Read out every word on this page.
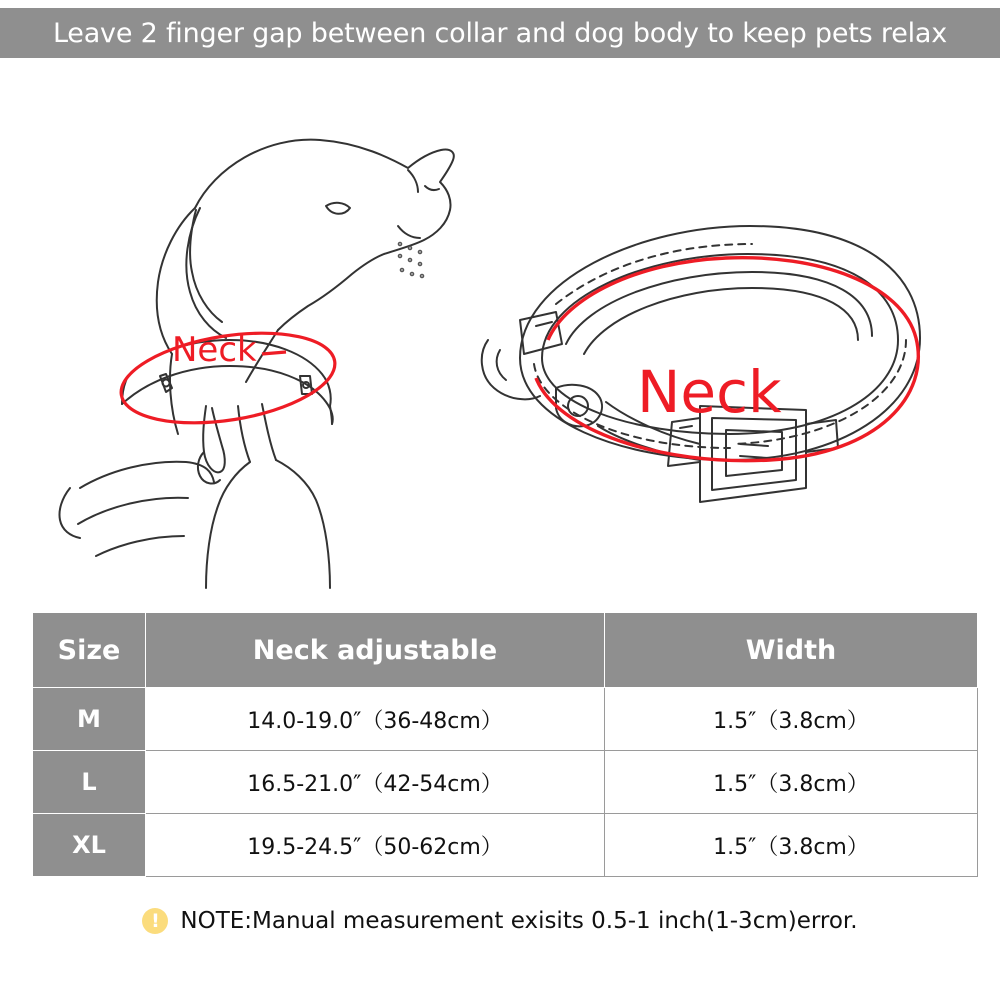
Leave 2 finger gap between collar and dog body to keep pets relax
Neck
Neck
Size	Neck adjustable	Width
M	14.0-19.0″（36-48cm）	1.5″（3.8cm）
L	16.5-21.0″（42-54cm）	1.5″（3.8cm）
XL	19.5-24.5″（50-62cm）	1.5″（3.8cm）
! NOTE:Manual measurement exisits 0.5-1 inch(1-3cm)error.
